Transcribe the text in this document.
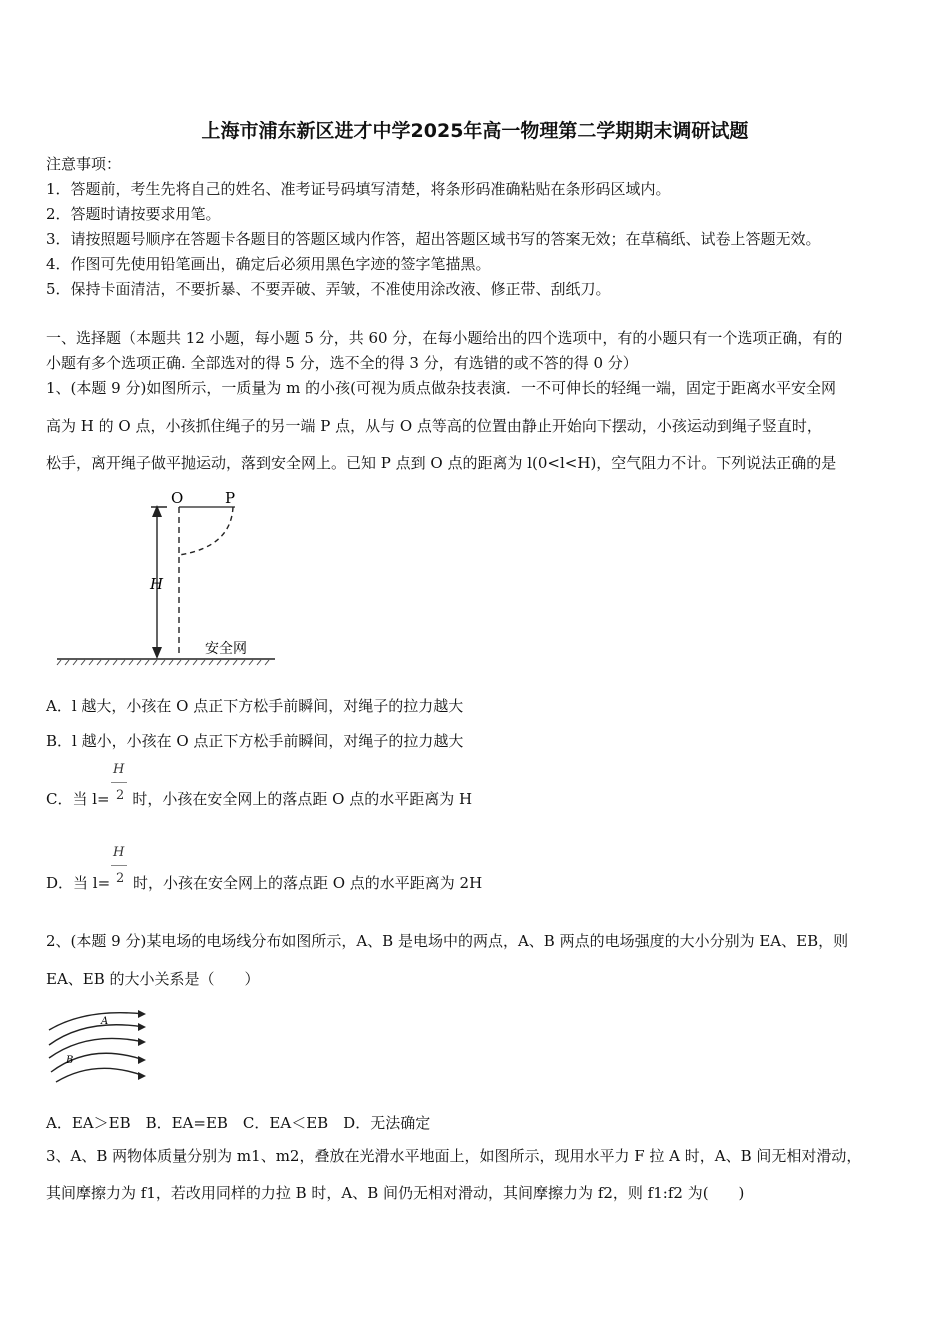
上海市浦东新区进才中学2025年高一物理第二学期期末调研试题
注意事项：
1．答题前，考生先将自己的姓名、准考证号码填写清楚，将条形码准确粘贴在条形码区域内。
2．答题时请按要求用笔。
3．请按照题号顺序在答题卡各题目的答题区域内作答，超出答题区域书写的答案无效；在草稿纸、试卷上答题无效。
4．作图可先使用铅笔画出，确定后必须用黑色字迹的签字笔描黑。
5．保持卡面清洁，不要折暴、不要弄破、弄皱，不准使用涂改液、修正带、刮纸刀。
一、选择题（本题共 12 小题，每小题 5 分，共 60 分，在每小题给出的四个选项中，有的小题只有一个选项正确，有的
小题有多个选项正确. 全部选对的得 5 分，选不全的得 3 分，有选错的或不答的得 0 分）
1、(本题 9 分)如图所示，一质量为 m 的小孩(可视为质点做杂技表演．一不可伸长的轻绳一端，固定于距离水平安全网
高为 H 的 O 点，小孩抓住绳子的另一端 P 点，从与 O 点等高的位置由静止开始向下摆动，小孩运动到绳子竖直时，
松手，离开绳子做平抛运动，落到安全网上。已知 P 点到 O 点的距离为 l(0<l<H)，空气阻力不计。下列说法正确的是
O	P
H
安全网
A．l 越大，小孩在 O 点正下方松手前瞬间，对绳子的拉力越大
B．l 越小，小孩在 O 点正下方松手前瞬间，对绳子的拉力越大
H
2
C．当 l= 时，小孩在安全网上的落点距 O 点的水平距离为 H
H
2
D．当 l= 时，小孩在安全网上的落点距 O 点的水平距离为 2H
2、(本题 9 分)某电场的电场线分布如图所示，A、B 是电场中的两点，A、B 两点的电场强度的大小分别为 EA、EB，则
EA、EB 的大小关系是（　　）
A
B
A．EA＞EB　B．EA=EB　C．EA＜EB　D．无法确定
3、A、B 两物体质量分别为 m1、m2，叠放在光滑水平地面上，如图所示，现用水平力 F 拉 A 时，A、B 间无相对滑动，
其间摩擦力为 f1，若改用同样的力拉 B 时，A、B 间仍无相对滑动，其间摩擦力为 f2，则 f1:f2 为(　　)
